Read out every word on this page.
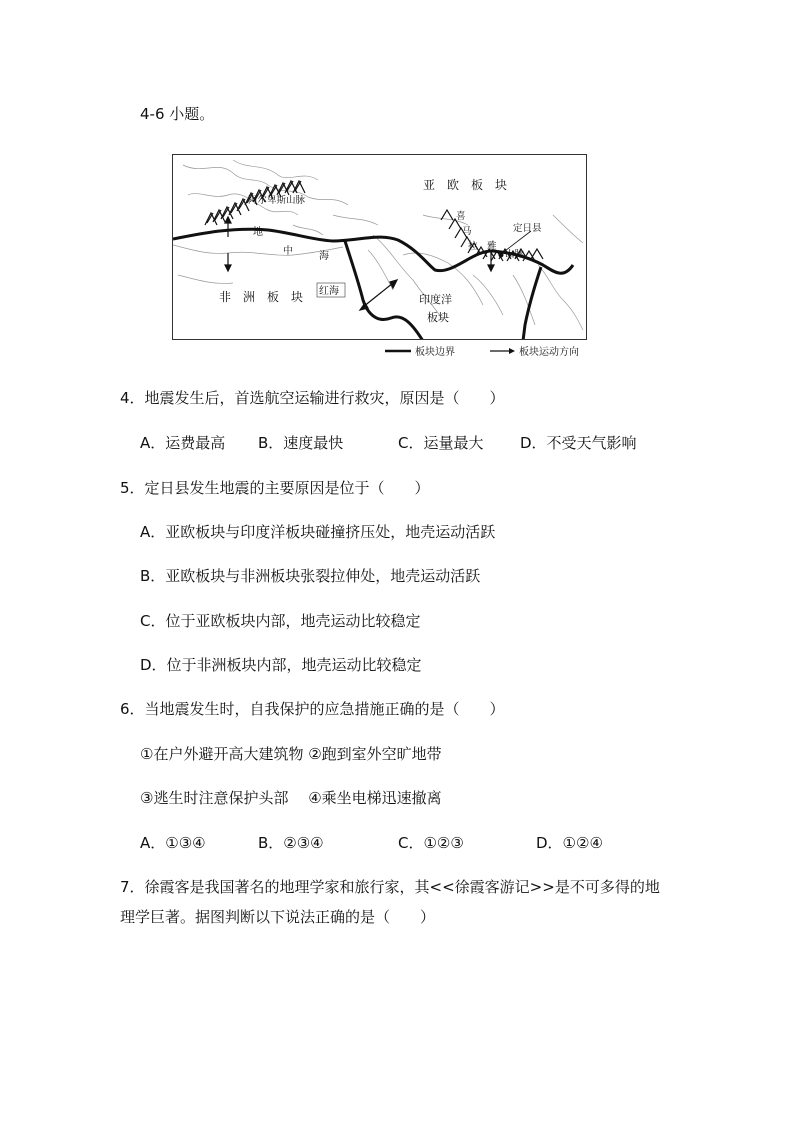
4-6 小题。
亚　欧　板　块
阿尔卑斯山脉
喜
马
拉 雅
山脉
定日县
地
中	海
非　洲　板　块 红海
印度洋
板块
板块边界	板块运动方向
4．地震发生后，首选航空运输进行救灾，原因是（　　）
A．运费最高 B．速度最快	C．运量最大 D．不受天气影响
5．定日县发生地震的主要原因是位于（　　）
A．亚欧板块与印度洋板块碰撞挤压处，地壳运动活跃
B．亚欧板块与非洲板块张裂拉伸处，地壳运动活跃
C．位于亚欧板块内部，地壳运动比较稳定
D．位于非洲板块内部，地壳运动比较稳定
6．当地震发生时，自我保护的应急措施正确的是（　　）
①在户外避开高大建筑物 ②跑到室外空旷地带
③逃生时注意保护头部　 ④乘坐电梯迅速撤离
A．①③④	B．②③④	C．①②③	D．①②④
7．徐霞客是我国著名的地理学家和旅行家，其<<徐霞客游记>>是不可多得的地
理学巨著。据图判断以下说法正确的是（　　）
